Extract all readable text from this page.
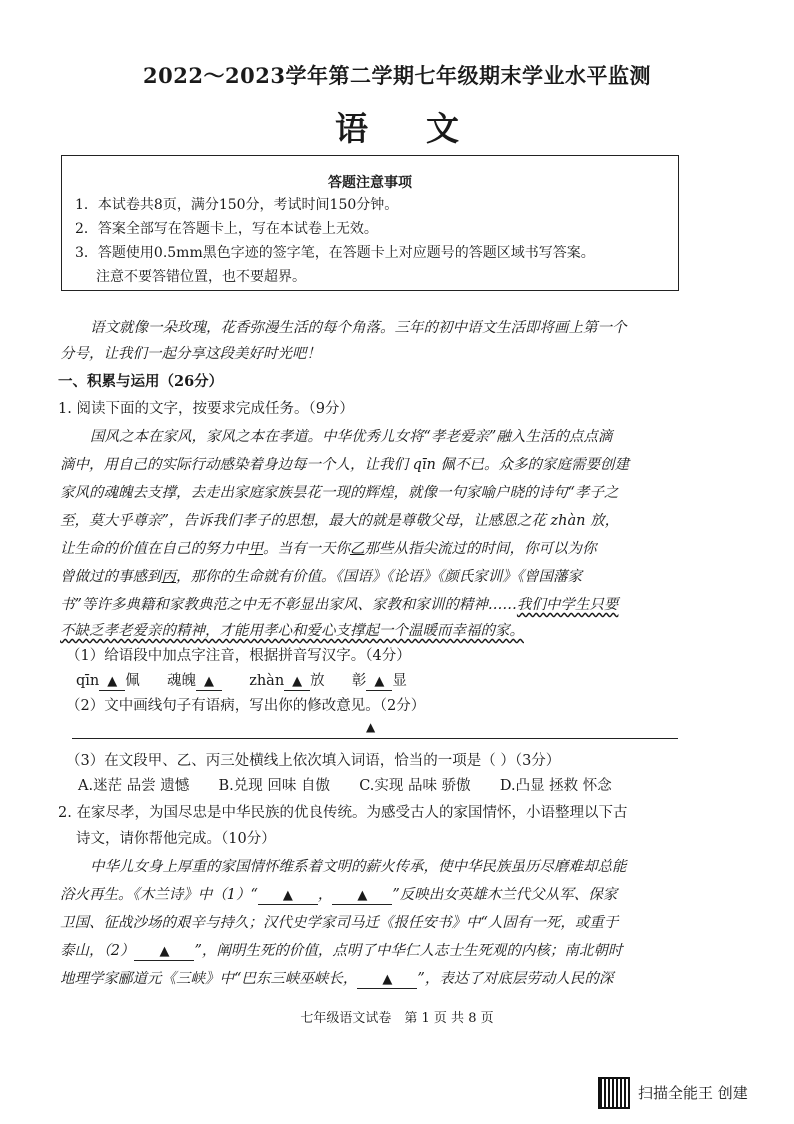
2022～2023学年第二学期七年级期末学业水平监测
语文
答题注意事项
1．本试卷共8页，满分150分，考试时间150分钟。
2．答案全部写在答题卡上，写在本试卷上无效。
3．答题使用0.5mm黑色字迹的签字笔，在答题卡上对应题号的答题区域书写答案。
注意不要答错位置，也不要超界。
语文就像一朵玫瑰，花香弥漫生活的每个角落。三年的初中语文生活即将画上第一个
分号，让我们一起分享这段美好时光吧！
一、积累与运用（26分）
1. 阅读下面的文字，按要求完成任务。（9分）
国风之本在家风，家风之本在孝道。中华优秀儿女将“孝老爱亲”融入生活的点点滴
滴中，用自己的实际行动感染着身边每一个人，让我们 qīn 佩不已。众多的家庭需要创建
家风的魂魄去支撑，去走出家庭家族昙花一现的辉煌，就像一句家喻户晓的诗句“孝子之
至，莫大乎尊亲”，告诉我们孝子的思想，最大的就是尊敬父母，让感恩之花 zhàn 放，
让生命的价值在自己的努力中甲。当有一天你乙那些从指尖流过的时间，你可以为你
曾做过的事感到丙，那你的生命就有价值。《国语》《论语》《颜氏家训》《曾国藩家
书”等许多典籍和家教典范之中无不彰显出家风、家教和家训的精神……我们中学生只要
不缺乏孝老爱亲的精神，才能用孝心和爱心支撑起一个温暖而幸福的家。
（1）给语段中加点字注音，根据拼音写汉字。（4分）
qīn ▲ 佩 魂魄 ▲ zhàn ▲ 放 彰 ▲ 显
（2）文中画线句子有语病，写出你的修改意见。（2分）
▲
（3）在文段甲、乙、丙三处横线上依次填入词语，恰当的一项是（ ）（3分）
A.迷茫 品尝 遗憾 B.兑现 回味 自傲 C.实现 品味 骄傲 D.凸显 拯救 怀念
2. 在家尽孝，为国尽忠是中华民族的优良传统。为感受古人的家国情怀，小语整理以下古
诗文，请你帮他完成。（10分）
中华儿女身上厚重的家国情怀维系着文明的薪火传承，使中华民族虽历尽磨难却总能
浴火再生。《木兰诗》中（1）“ ▲ ， ▲ ”反映出女英雄木兰代父从军、保家
卫国、征战沙场的艰辛与持久；汉代史学家司马迁《报任安书》中“人固有一死，或重于
泰山，（2） ▲ ”，阐明生死的价值，点明了中华仁人志士生死观的内核；南北朝时
地理学家郦道元《三峡》中“巴东三峡巫峡长， ▲ ”，表达了对底层劳动人民的深
七年级语文试卷　第 1 页 共 8 页
扫描全能王 创建
